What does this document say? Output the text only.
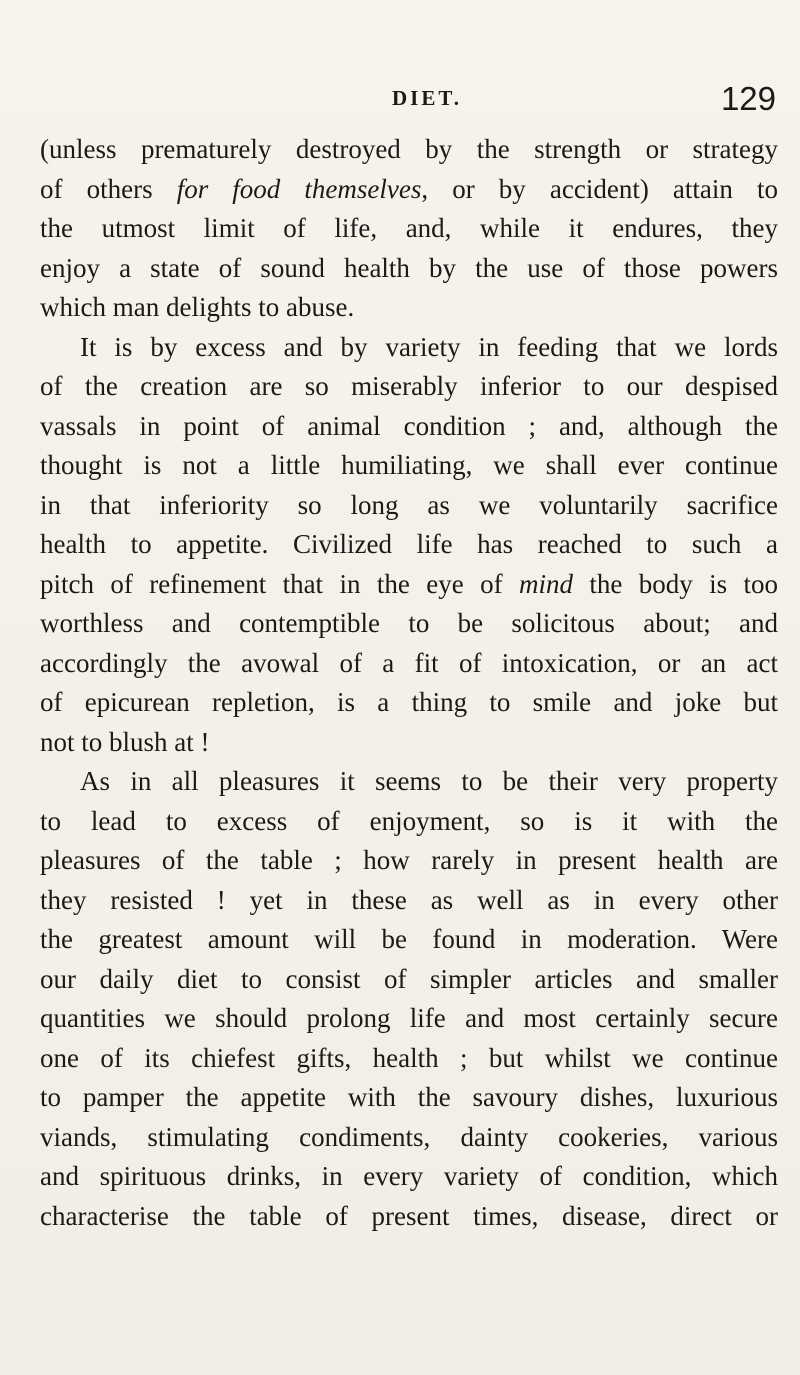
DIET.	129
(unless prematurely destroyed by the strength or strategy
of others for food themselves, or by accident) attain to
the utmost limit of life, and, while it endures, they
enjoy a state of sound health by the use of those powers
which man delights to abuse.
It is by excess and by variety in feeding that we lords
of the creation are so miserably inferior to our despised
vassals in point of animal condition ; and, although the
thought is not a little humiliating, we shall ever continue
in that inferiority so long as we voluntarily sacrifice
health to appetite. Civilized life has reached to such a
pitch of refinement that in the eye of mind the body is too
worthless and contemptible to be solicitous about; and
accordingly the avowal of a fit of intoxication, or an act
of epicurean repletion, is a thing to smile and joke but
not to blush at !
As in all pleasures it seems to be their very property
to lead to excess of enjoyment, so is it with the
pleasures of the table ; how rarely in present health are
they resisted ! yet in these as well as in every other
the greatest amount will be found in moderation. Were
our daily diet to consist of simpler articles and smaller
quantities we should prolong life and most certainly secure
one of its chiefest gifts, health ; but whilst we continue
to pamper the appetite with the savoury dishes, luxurious
viands, stimulating condiments, dainty cookeries, various
and spirituous drinks, in every variety of condition, which
characterise the table of present times, disease, direct or
